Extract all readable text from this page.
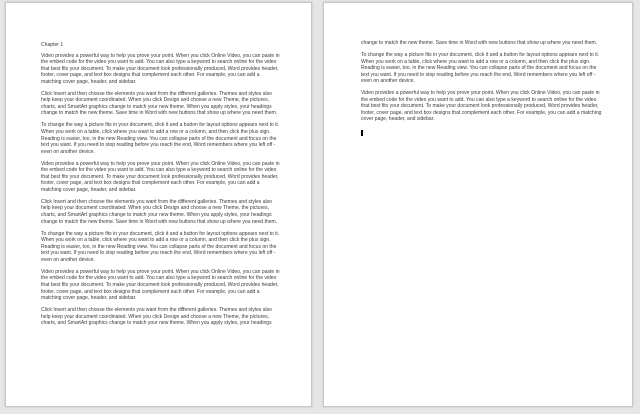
Chapter 1

Video provides a powerful way to help you prove your point. When you click Online Video, you can paste in the embed code for the video you want to add. You can also type a keyword to search online for the video that best fits your document. To make your document look professionally produced, Word provides header, footer, cover page, and text box designs that complement each other. For example, you can add a matching cover page, header, and sidebar.

Click Insert and then choose the elements you want from the different galleries. Themes and styles also help keep your document coordinated. When you click Design and choose a new Theme, the pictures, charts, and SmartArt graphics change to match your new theme. When you apply styles, your headings change to match the new theme. Save time in Word with new buttons that show up where you need them.

To change the way a picture fits in your document, click it and a button for layout options appears next to it. When you work on a table, click where you want to add a row or a column, and then click the plus sign. Reading is easier, too, in the new Reading view. You can collapse parts of the document and focus on the text you want. If you need to stop reading before you reach the end, Word remembers where you left off - even on another device.

Video provides a powerful way to help you prove your point. When you click Online Video, you can paste in the embed code for the video you want to add. You can also type a keyword to search online for the video that best fits your document. To make your document look professionally produced, Word provides header, footer, cover page, and text box designs that complement each other. For example, you can add a matching cover page, header, and sidebar.

Click Insert and then choose the elements you want from the different galleries. Themes and styles also help keep your document coordinated. When you click Design and choose a new Theme, the pictures, charts, and SmartArt graphics change to match your new theme. When you apply styles, your headings change to match the new theme. Save time in Word with new buttons that show up where you need them.

To change the way a picture fits in your document, click it and a button for layout options appears next to it. When you work on a table, click where you want to add a row or a column, and then click the plus sign. Reading is easier, too, in the new Reading view. You can collapse parts of the document and focus on the text you want. If you need to stop reading before you reach the end, Word remembers where you left off - even on another device.

Video provides a powerful way to help you prove your point. When you click Online Video, you can paste in the embed code for the video you want to add. You can also type a keyword to search online for the video that best fits your document. To make your document look professionally produced, Word provides header, footer, cover page, and text box designs that complement each other. For example, you can add a matching cover page, header, and sidebar.

Click Insert and then choose the elements you want from the different galleries. Themes and styles also help keep your document coordinated. When you click Design and choose a new Theme, the pictures, charts, and SmartArt graphics change to match your new theme. When you apply styles, your headings

change to match the new theme. Save time in Word with new buttons that show up where you need them.

To change the way a picture fits in your document, click it and a button for layout options appears next to it. When you work on a table, click where you want to add a row or a column, and then click the plus sign. Reading is easier, too, in the new Reading view. You can collapse parts of the document and focus on the text you want. If you need to stop reading before you reach the end, Word remembers where you left off - even on another device.

Video provides a powerful way to help you prove your point. When you click Online Video, you can paste in the embed code for the video you want to add. You can also type a keyword to search online for the video that best fits your document. To make your document look professionally produced, Word provides header, footer, cover page, and text box designs that complement each other. For example, you can add a matching cover page, header, and sidebar.
